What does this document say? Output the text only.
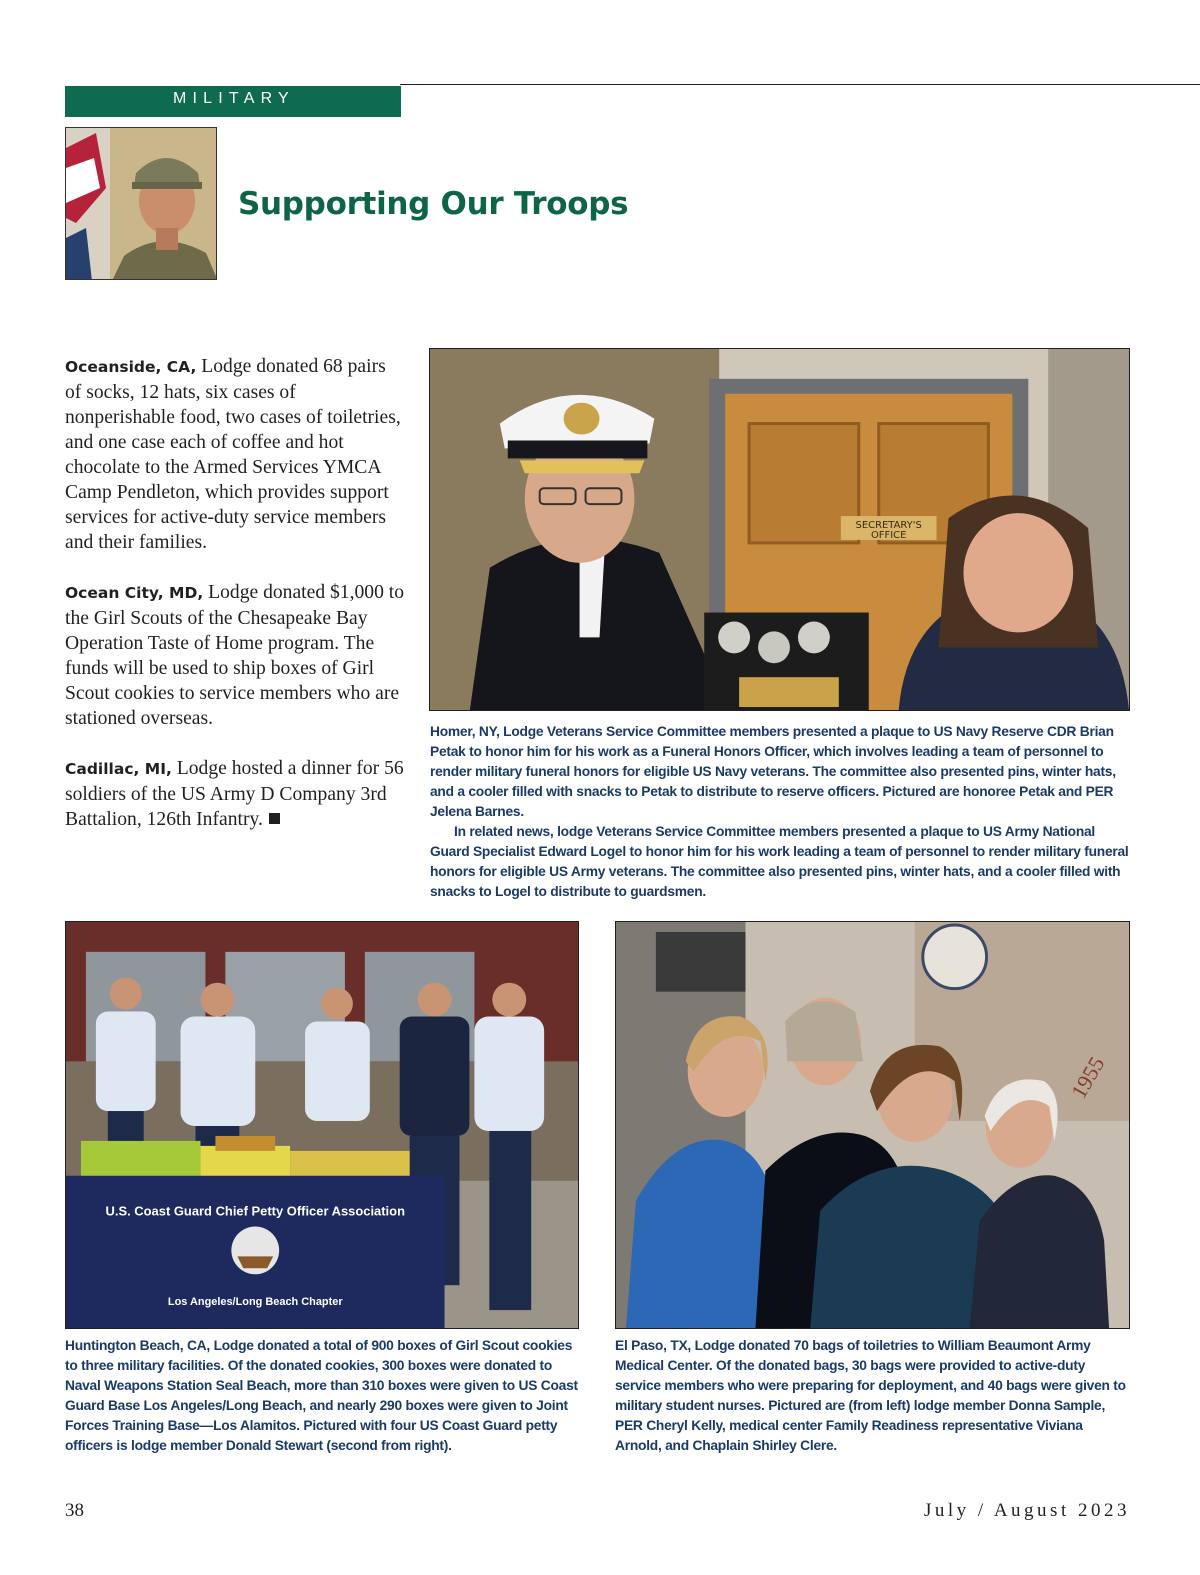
MILITARY
Supporting Our Troops

Oceanside, CA, Lodge donated 68 pairs of socks, 12 hats, six cases of nonperishable food, two cases of toiletries, and one case each of coffee and hot chocolate to the Armed Services YMCA Camp Pendleton, which provides support services for active-duty service members and their families.

Ocean City, MD, Lodge donated $1,000 to the Girl Scouts of the Chesapeake Bay Operation Taste of Home program. The funds will be used to ship boxes of Girl Scout cookies to service members who are stationed overseas.

Cadillac, MI, Lodge hosted a dinner for 56 soldiers of the US Army D Company 3rd Battalion, 126th Infantry.

SECRETARY'S
OFFICE

Homer, NY, Lodge Veterans Service Committee members presented a plaque to US Navy Reserve CDR Brian Petak to honor him for his work as a Funeral Honors Officer, which involves leading a team of personnel to render military funeral honors for eligible US Navy veterans. The committee also presented pins, winter hats, and a cooler filled with snacks to Petak to distribute to reserve officers. Pictured are honoree Petak and PER Jelena Barnes.

In related news, lodge Veterans Service Committee members presented a plaque to US Army National Guard Specialist Edward Logel to honor him for his work leading a team of personnel to render military funeral honors for eligible US Army veterans. The committee also presented pins, winter hats, and a cooler filled with snacks to Logel to distribute to guardsmen.

U.S. Coast Guard Chief Petty Officer Association
Los Angeles/Long Beach Chapter

Huntington Beach, CA, Lodge donated a total of 900 boxes of Girl Scout cookies to three military facilities. Of the donated cookies, 300 boxes were donated to Naval Weapons Station Seal Beach, more than 310 boxes were given to US Coast Guard Base Los Angeles/Long Beach, and nearly 290 boxes were given to Joint Forces Training Base—Los Alamitos. Pictured with four US Coast Guard petty officers is lodge member Donald Stewart (second from right).

1955

El Paso, TX, Lodge donated 70 bags of toiletries to William Beaumont Army Medical Center. Of the donated bags, 30 bags were provided to active-duty service members who were preparing for deployment, and 40 bags were given to military student nurses. Pictured are (from left) lodge member Donna Sample, PER Cheryl Kelly, medical center Family Readiness representative Viviana Arnold, and Chaplain Shirley Clere.

38	July / August 2023
